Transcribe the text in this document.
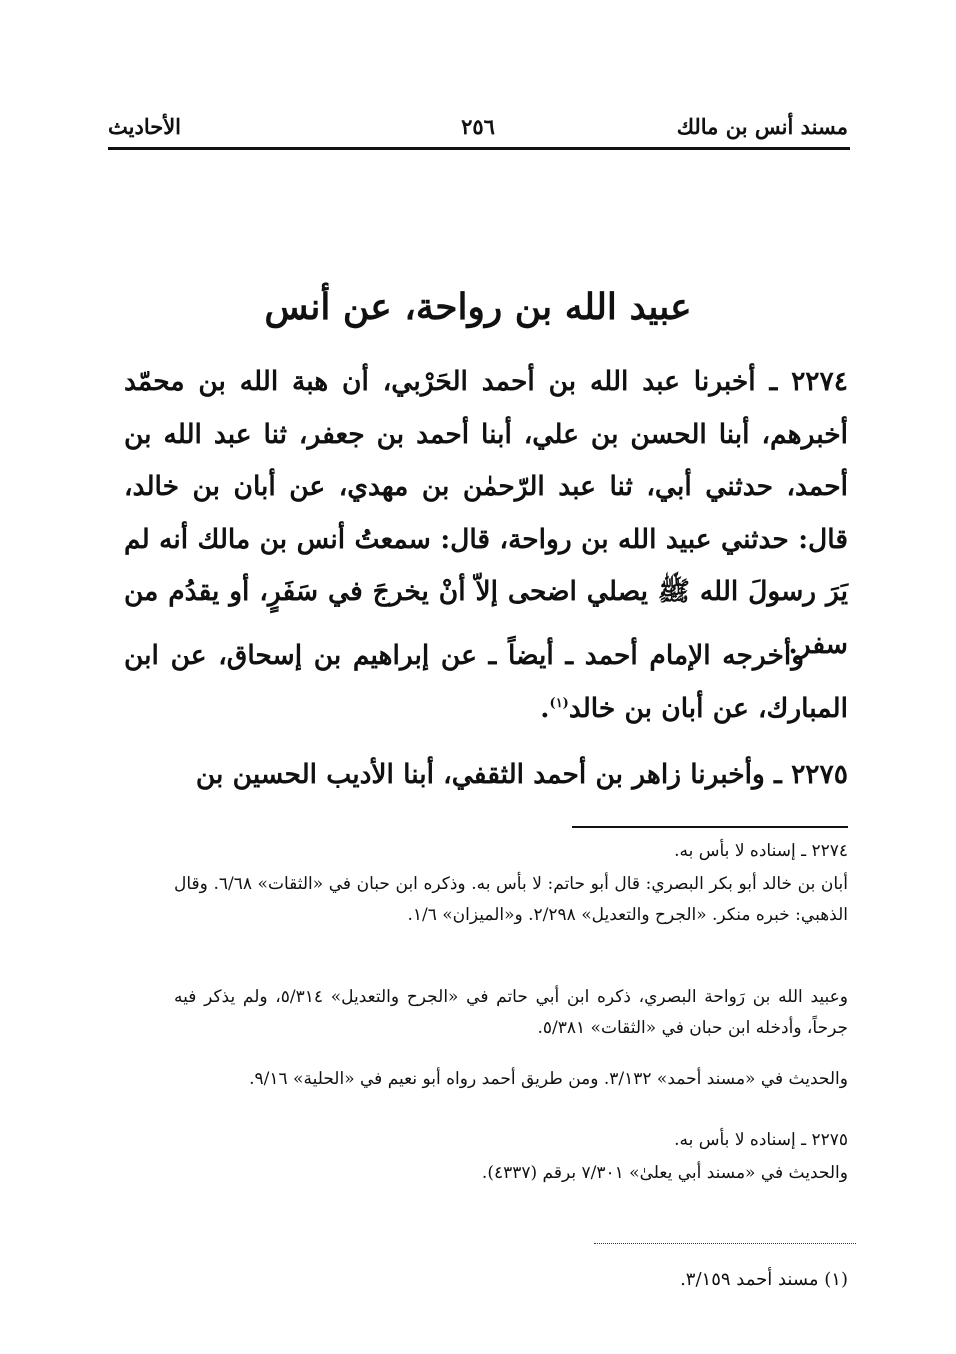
مسند أنس بن مالك
٢٥٦
الأحاديث
عبيد الله بن رواحة، عن أنس

٢٢٧٤ ـ أخبرنا عبد الله بن أحمد الحَرْبي، أن هبة الله بن محمّد أخبرهم، أبنا الحسن بن علي، أبنا أحمد بن جعفر، ثنا عبد الله بن أحمد، حدثني أبي، ثنا عبد الرّحمٰن بن مهدي، عن أبان بن خالد، قال: حدثني عبيد الله بن رواحة، قال: سمعتُ أنس بن مالك أنه لم يَرَ رسولَ الله ﷺ يصلي اضحى إلاّ أنْ يخرجَ في سَفَرٍ، أو يقدُم من سفر.

وأخرجه الإمام أحمد ـ أيضاً ـ عن إبراهيم بن إسحاق، عن ابن المبارك، عن أبان بن خالد$^{(١)}$.

٢٢٧٥ ـ وأخبرنا زاهر بن أحمد الثقفي، أبنا الأديب الحسين بن

٢٢٧٤ ـ إسناده لا بأس به.

أبان بن خالد أبو بكر البصري: قال أبو حاتم: لا بأس به. وذكره ابن حبان في «الثقات» ٦/٦٨. وقال الذهبي: خبره منكر. «الجرح والتعديل» ٢/٢٩٨. و«الميزان» ١/٦.

وعبيد الله بن رَواحة البصري، ذكره ابن أبي حاتم في «الجرح والتعديل» ٥/٣١٤، ولم يذكر فيه جرحاً، وأدخله ابن حبان في «الثقات» ٥/٣٨١.

والحديث في «مسند أحمد» ٣/١٣٢. ومن طريق أحمد رواه أبو نعيم في «الحلية» ٩/١٦.

٢٢٧٥ ـ إسناده لا بأس به.

والحديث في «مسند أبي يعلىٰ» ٧/٣٠١ برقم (٤٣٣٧).

(١) مسند أحمد ٣/١٥٩.
